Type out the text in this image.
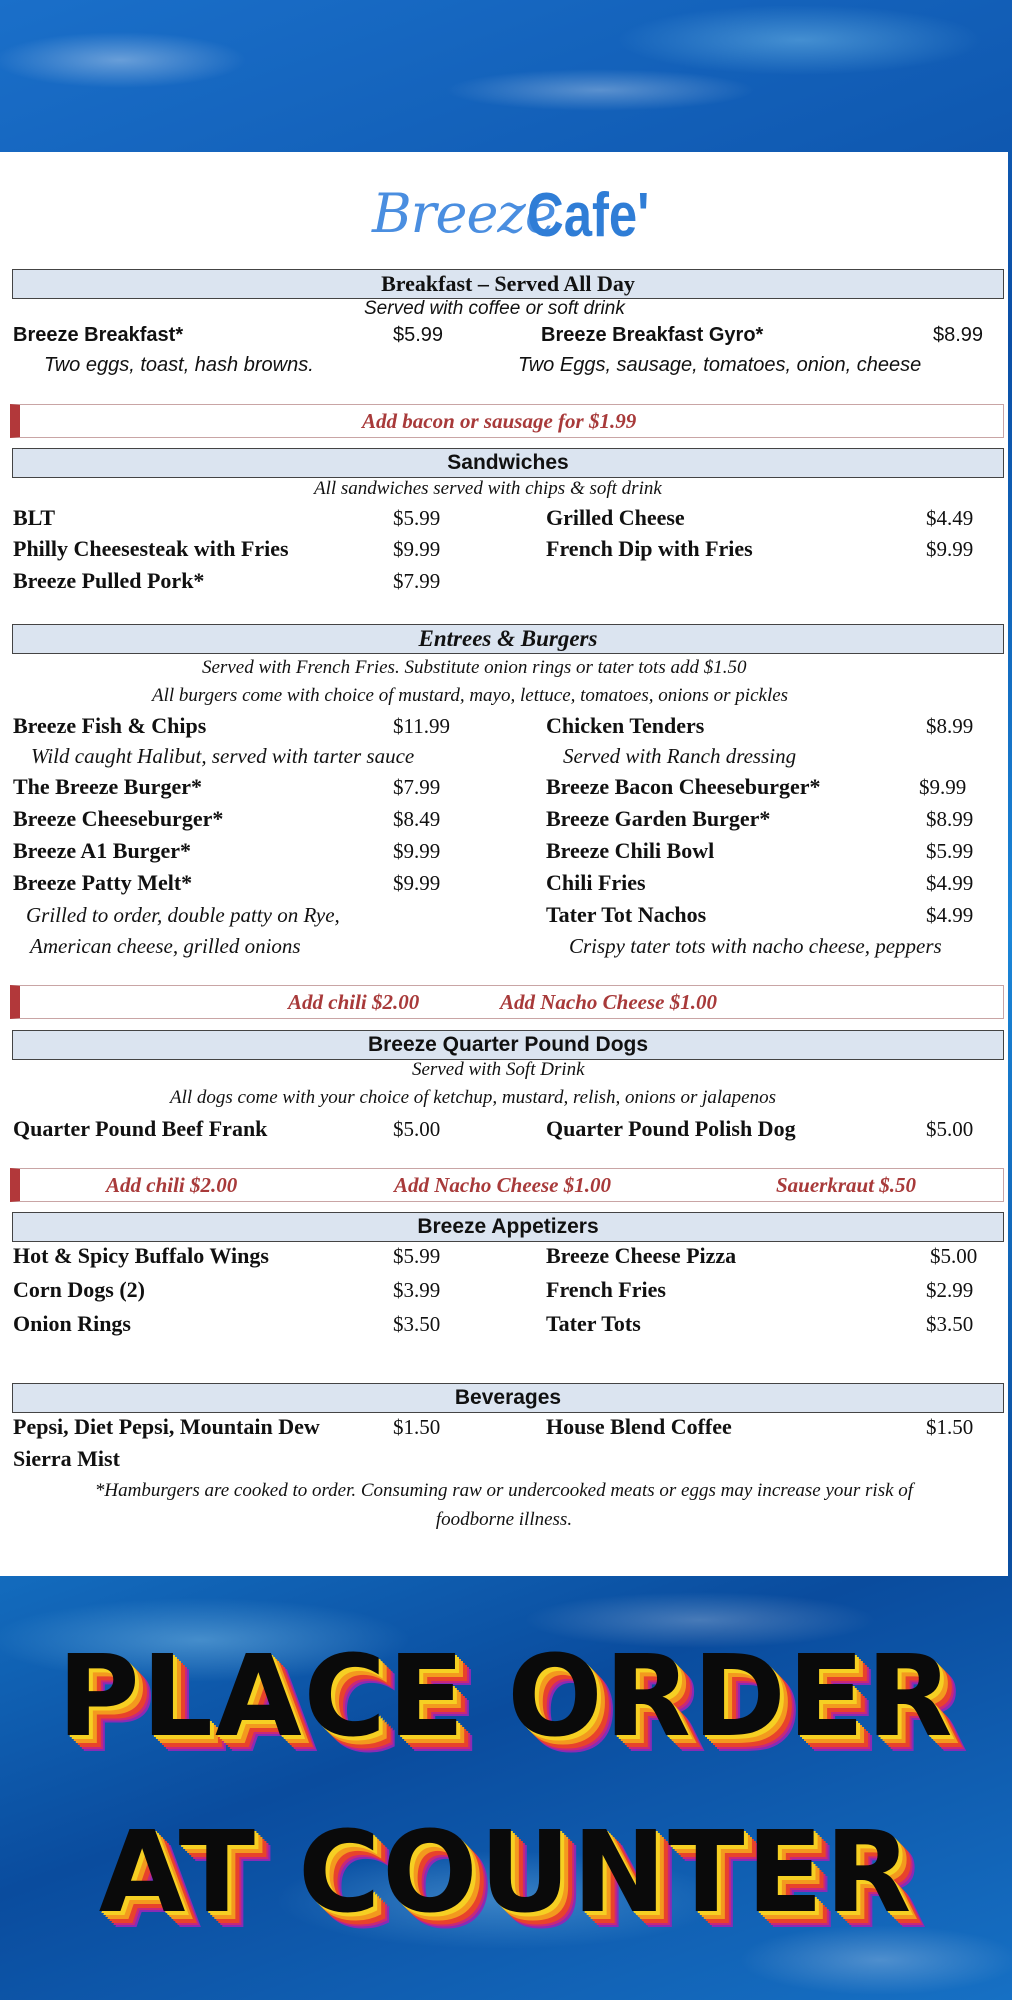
Breeze
Cafe'
Breakfast – Served All Day
Served with coffee or soft drink
Breeze Breakfast*	$5.99	Breeze Breakfast Gyro*	$8.99
Two eggs, toast, hash browns.	Two Eggs, sausage, tomatoes, onion, cheese
Add bacon or sausage for $1.99
Sandwiches
All sandwiches served with chips & soft drink
BLT	$5.99	Grilled Cheese	$4.49
Philly Cheesesteak with Fries	$9.99	French Dip with Fries	$9.99
Breeze Pulled Pork*	$7.99
Entrees & Burgers
Served with French Fries. Substitute onion rings or tater tots add $1.50
All burgers come with choice of mustard, mayo, lettuce, tomatoes, onions or pickles
Breeze Fish & Chips	$11.99	Chicken Tenders	$8.99
Wild caught Halibut, served with tarter sauce	Served with Ranch dressing
The Breeze Burger*	$7.99	Breeze Bacon Cheeseburger*	$9.99
Breeze Cheeseburger*	$8.49	Breeze Garden Burger*	$8.99
Breeze A1 Burger*	$9.99	Breeze Chili Bowl	$5.99
Breeze Patty Melt*	$9.99	Chili Fries	$4.99
Grilled to order, double patty on Rye,	Tater Tot Nachos	$4.99
American cheese, grilled onions	Crispy tater tots with nacho cheese, peppers
Add chili $2.00	Add Nacho Cheese $1.00
Breeze Quarter Pound Dogs
Served with Soft Drink
All dogs come with your choice of ketchup, mustard, relish, onions or jalapenos
Quarter Pound Beef Frank	$5.00	Quarter Pound Polish Dog	$5.00
Add chili $2.00	Add Nacho Cheese $1.00	Sauerkraut $.50
Breeze Appetizers
Hot & Spicy Buffalo Wings	$5.99	Breeze Cheese Pizza	$5.00
Corn Dogs (2)	$3.99	French Fries	$2.99
Onion Rings	$3.50	Tater Tots	$3.50
Beverages
Pepsi, Diet Pepsi, Mountain Dew	$1.50	House Blend Coffee	$1.50
Sierra Mist
*Hamburgers are cooked to order. Consuming raw or undercooked meats or eggs may increase your risk of
foodborne illness.
PLACE ORDER
AT COUNTER
